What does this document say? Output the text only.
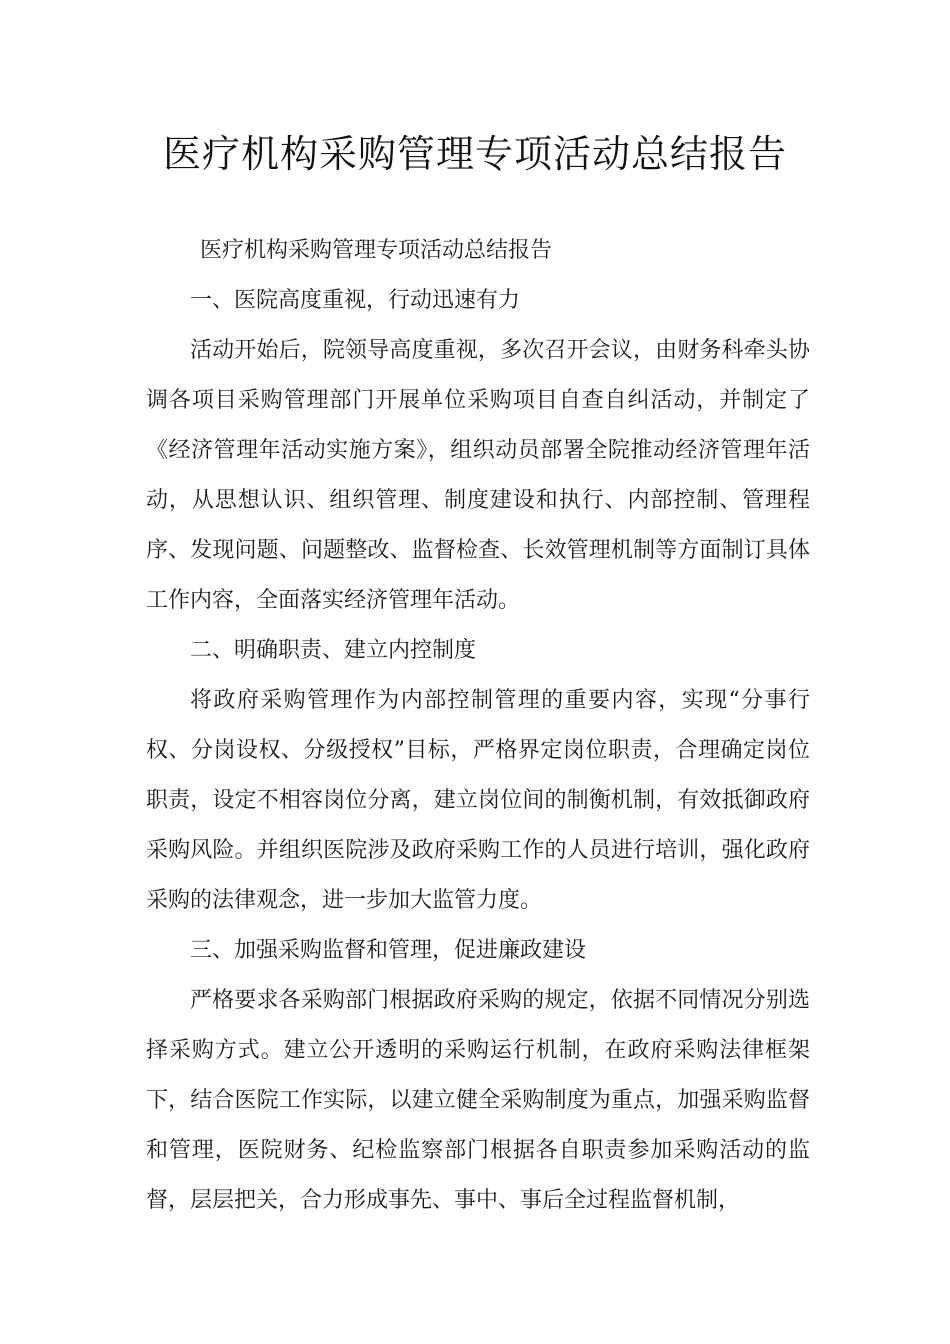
医疗机构采购管理专项活动总结报告

医疗机构采购管理专项活动总结报告

一、医院高度重视，行动迅速有力

活动开始后，院领导高度重视，多次召开会议，由财务科牵头协调各项目采购管理部门开展单位采购项目自查自纠活动，并制定了《经济管理年活动实施方案》，组织动员部署全院推动经济管理年活动，从思想认识、组织管理、制度建设和执行、内部控制、管理程序、发现问题、问题整改、监督检查、长效管理机制等方面制订具体工作内容，全面落实经济管理年活动。

二、明确职责、建立内控制度

将政府采购管理作为内部控制管理的重要内容，实现“分事行权、分岗设权、分级授权”目标，严格界定岗位职责，合理确定岗位职责，设定不相容岗位分离，建立岗位间的制衡机制，有效抵御政府采购风险。并组织医院涉及政府采购工作的人员进行培训，强化政府采购的法律观念，进一步加大监管力度。

三、加强采购监督和管理，促进廉政建设

严格要求各采购部门根据政府采购的规定，依据不同情况分别选择采购方式。建立公开透明的采购运行机制，在政府采购法律框架下，结合医院工作实际，以建立健全采购制度为重点，加强采购监督和管理，医院财务、纪检监察部门根据各自职责参加采购活动的监督，层层把关，合力形成事先、事中、事后全过程监督机制，
